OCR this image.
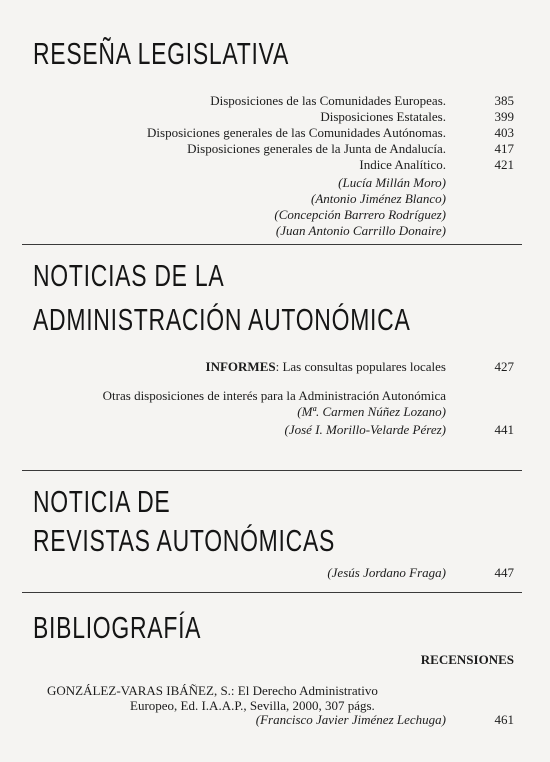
RESEÑA LEGISLATIVA
Disposiciones de las Comunidades Europeas.	385
Disposiciones Estatales.	399
Disposiciones generales de las Comunidades Autónomas.	403
Disposiciones generales de la Junta de Andalucía.	417
Indice Analítico.	421
(Lucía Millán Moro)
(Antonio Jiménez Blanco)
(Concepción Barrero Rodríguez)
(Juan Antonio Carrillo Donaire)
NOTICIAS DE LA
ADMINISTRACIÓN AUTONÓMICA
INFORMES: Las consultas populares locales	427
Otras disposiciones de interés para la Administración Autonómica
(Mª. Carmen Núñez Lozano)
(José I. Morillo-Velarde Pérez)	441
NOTICIA DE
REVISTAS AUTONÓMICAS
(Jesús Jordano Fraga)	447
BIBLIOGRAFÍA
RECENSIONES
GONZÁLEZ-VARAS IBÁÑEZ, S.: El Derecho Administrativo
Europeo, Ed. I.A.A.P., Sevilla, 2000, 307 págs.
(Francisco Javier Jiménez Lechuga)	461
